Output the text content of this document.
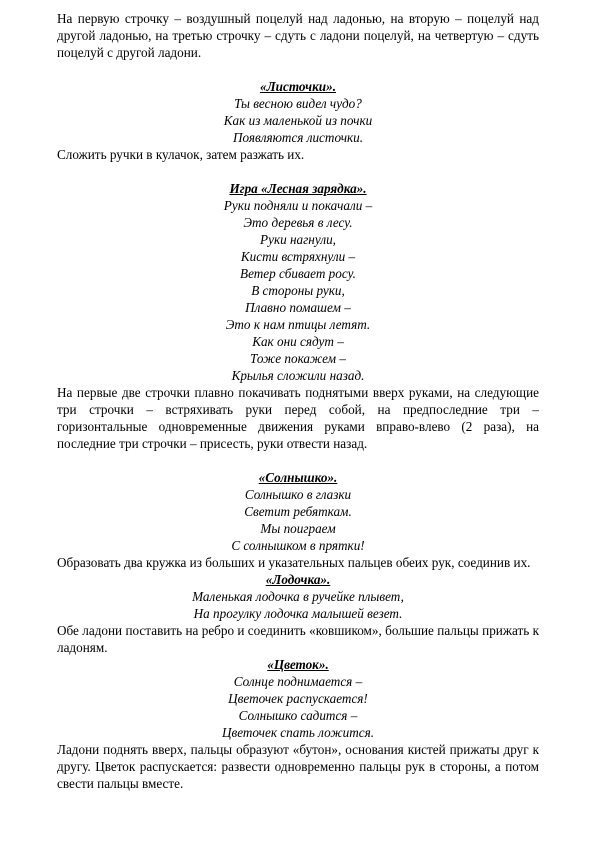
На первую строчку – воздушный поцелуй над ладонью, на вторую – поцелуй над другой ладонью, на третью строчку – сдуть с ладони поцелуй, на четвертую – сдуть поцелуй с другой ладони.

«Листочки».

Ты весною видел чудо?

Как из маленькой из почки

Появляются листочки.

Сложить ручки в кулачок, затем разжать их.

Игра «Лесная зарядка».

Руки подняли и покачали –

Это деревья в лесу.

Руки нагнули,

Кисти встряхнули –

Ветер сбивает росу.

В стороны руки,

Плавно помашем –

Это к нам птицы летят.

Как они сядут –

Тоже покажем –

Крылья сложили назад.

На первые две строчки плавно покачивать поднятыми вверх руками, на следующие три строчки – встряхивать руки перед собой, на предпоследние три – горизонтальные одновременные движения руками вправо-влево (2 раза), на последние три строчки – присесть, руки отвести назад.

«Солнышко».

Солнышко в глазки

Светит ребяткам.

Мы поиграем

С солнышком в прятки!

Образовать два кружка из больших и указательных пальцев обеих рук, соединив их.

«Лодочка».

Маленькая лодочка в ручейке плывет,

На прогулку лодочка малышей везет.

Обе ладони поставить на ребро и соединить «ковшиком», большие пальцы прижать к ладоням.

«Цветок».

Солнце поднимается –

Цветочек распускается!

Солнышко садится –

Цветочек спать ложится.

Ладони поднять вверх, пальцы образуют «бутон», основания кистей прижаты друг к другу. Цветок распускается: развести одновременно пальцы рук в стороны, а потом свести пальцы вместе.
